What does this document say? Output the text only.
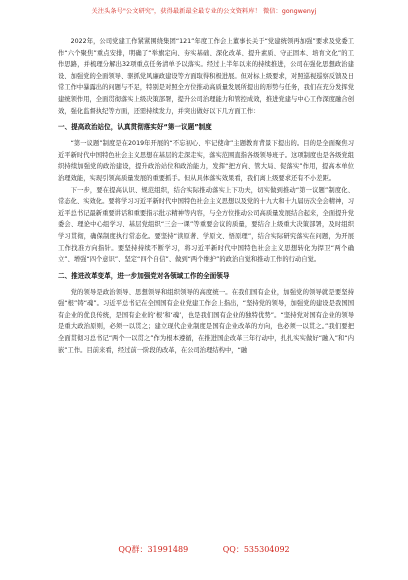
关注头条号"公文研究"，获得最新最全最专业的公文资料库！ 微信：gongwenyj

2022年，公司党建工作紧紧围绕集团“121”年度工作会上董事长关于“党建统领再加强”要求及党委工作“六个聚焦”重点安排，明确了“举旗定向、夯实基础、深化改革、提升素质、守正固本、培育文化”的工作思路，并梳理分解出32项重点任务清单予以落实。经过上半年以来的持续推进，公司在强化思想政治建设、加强党的全面领导、驱抓党风廉政建设等方面取得积极进展。但对标上级要求，对照巡视巡察反馈及日常工作中暴露出的问题与不足，特别是对照全方位推动高质量发展所提出的形势与任务，我们在充分发挥党建统领作用，全面贯彻落实上级决策部署，提升公司治理能力和管控成效，推进党建与中心工作深度融合创效，强化监督执纪等方面，还需持续发力，并突出做好以下几方面工作：

一、提高政治站位，认真贯彻落实好“第一议题”制度

“第一议题”制度是在2019年开展的“不忘初心、牢记使命”主题教育背景下提出的。目的是全面聚焦习近平新时代中国特色社会主义思想在基层的走深走实，落实范围直指各级领导班子。这项制度也是各级党组织持续加强党的政治建设，提升政治站位和政治能力，发挥“把方向、管大局、促落实”作用，提高本单位治理效能，实现引领高质量发展的重要抓手。但从具体落实效果看，我们离上级要求还有不小差距。

下一步，要在提高认识、规范组织，结合实际推动落实上下功夫，切实做到推动“第一议题”制度化、常态化、实效化。要将学习习近平新时代中国特色社会主义思想以及党的十九大和十九届历次全会精神，习近平总书记最新重要讲话和重要指示批示精神等内容，与全方位推动公司高质量发展结合起来，全面提升党委会、理论中心组学习、基层党组织“三会一课”等重要会议的质量，要结合上级重大决策部署，及时组织学习贯彻，确保制度执行常态化。要坚持“读原著、学原文、悟原理”，结合实际研究落实在问题，为开展工作找准方向指针。要坚持持续不断学习，将习近平新时代中国特色社会主义思想转化为捍卫“两个确立”、增强“四个意识”、坚定“四个自信”、做到“两个维护”的政治自觉和推动工作的行动自觉。

二、推进改革变革，进一步加强党对各领域工作的全面领导

党的领导是政治领导、思想领导和组织领导的高度统一。在我们国有企业，加强党的领导就是要坚持强“根”铸“魂”。习近平总书记在全国国有企业党建工作会上指出，“坚持党的领导，加强党的建设是我国国有企业的优良传统，是国有企业的‘根’和‘魂’，也是我们国有企业的独特优势”。“坚持党对国有企业的领导是重大政治原则，必须一以贯之；建立现代企业制度是国有企业改革的方向，也必须一以贯之。”我们要把全面贯彻习总书记“两个一以贯之”作为根本遵循，在推进国企改革三年行动中，扎扎实实做好“融入”和“内嵌”工作。目前来看，经过前一阶段的改革，在公司治理结构中，“融

QQ群：31991489	QQ：535304092
